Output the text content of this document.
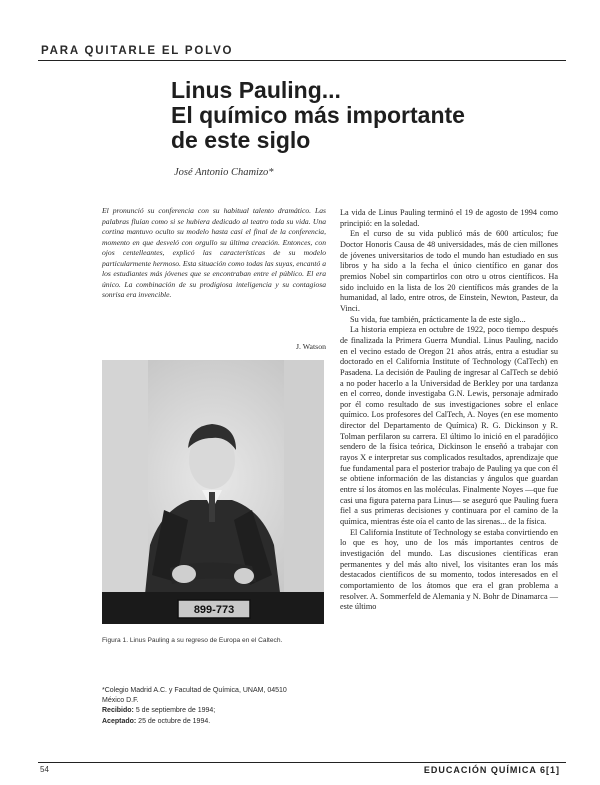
PARA QUITARLE EL POLVO
Linus Pauling...
El químico más importante
de este siglo
José Antonio Chamizo*
El pronunció su conferencia con su habitual talento dramático. Las palabras fluían como si se hubiera dedicado al teatro toda su vida. Una cortina mantuvo oculto su modelo hasta casi el final de la conferencia, momento en que desveló con orgullo su última creación. Entonces, con ojos centelleantes, explicó las características de su modelo particularmente hermoso. Esta situación como todas las suyas, encantó a los estudiantes más jóvenes que se encontraban entre el público. El era único. La combinación de su prodigiosa inteligencia y su contagiosa sonrisa era invencible.
J. Watson
899-773
Figura 1. Linus Pauling a su regreso de Europa en el Caltech.
*Colegio Madrid A.C. y Facultad de Química, UNAM, 04510
México D.F.
Recibido: 5 de septiembre de 1994;
Aceptado: 25 de octubre de 1994.

La vida de Linus Pauling terminó el 19 de agosto de 1994 como principió: en la soledad.

En el curso de su vida publicó más de 600 artículos; fue Doctor Honoris Causa de 48 universidades, más de cien millones de jóvenes universitarios de todo el mundo han estudiado en sus libros y ha sido a la fecha el único científico en ganar dos premios Nobel sin compartirlos con otro u otros científicos. Ha sido incluido en la lista de los 20 científicos más grandes de la humanidad, al lado, entre otros, de Einstein, Newton, Pasteur, da Vinci.

Su vida, fue también, prácticamente la de este siglo...

La historia empieza en octubre de 1922, poco tiempo después de finalizada la Primera Guerra Mundial. Linus Pauling, nacido en el vecino estado de Oregon 21 años atrás, entra a estudiar su doctorado en el California Institute of Technology (CalTech) en Pasadena. La decisión de Pauling de ingresar al CalTech se debió a no poder hacerlo a la Universidad de Berkley por una tardanza en el correo, donde investigaba G.N. Lewis, personaje admirado por él como resultado de sus investigaciones sobre el enlace químico. Los profesores del CalTech, A. Noyes (en ese momento director del Departamento de Química) R. G. Dickinson y R. Tolman perfilaron su carrera. El último lo inició en el paradójico sendero de la física teórica, Dickinson le enseñó a trabajar con rayos X e interpretar sus complicados resultados, aprendizaje que fue fundamental para el posterior trabajo de Pauling ya que con él se obtiene información de las distancias y ángulos que guardan entre sí los átomos en las moléculas. Finalmente Noyes —que fue casi una figura paterna para Linus— se aseguró que Pauling fuera fiel a sus primeras decisiones y continuara por el camino de la química, mientras éste oía el canto de las sirenas... de la física.

El California Institute of Technology se estaba convirtiendo en lo que es hoy, uno de los más importantes centros de investigación del mundo. Las discusiones científicas eran permanentes y del más alto nivel, los visitantes eran los más destacados científicos de su momento, todos interesados en el comportamiento de los átomos que era el gran problema a resolver. A. Sommerfeld de Alemania y N. Bohr de Dinamarca —este último

54	EDUCACIÓN QUÍMICA 6[1]
